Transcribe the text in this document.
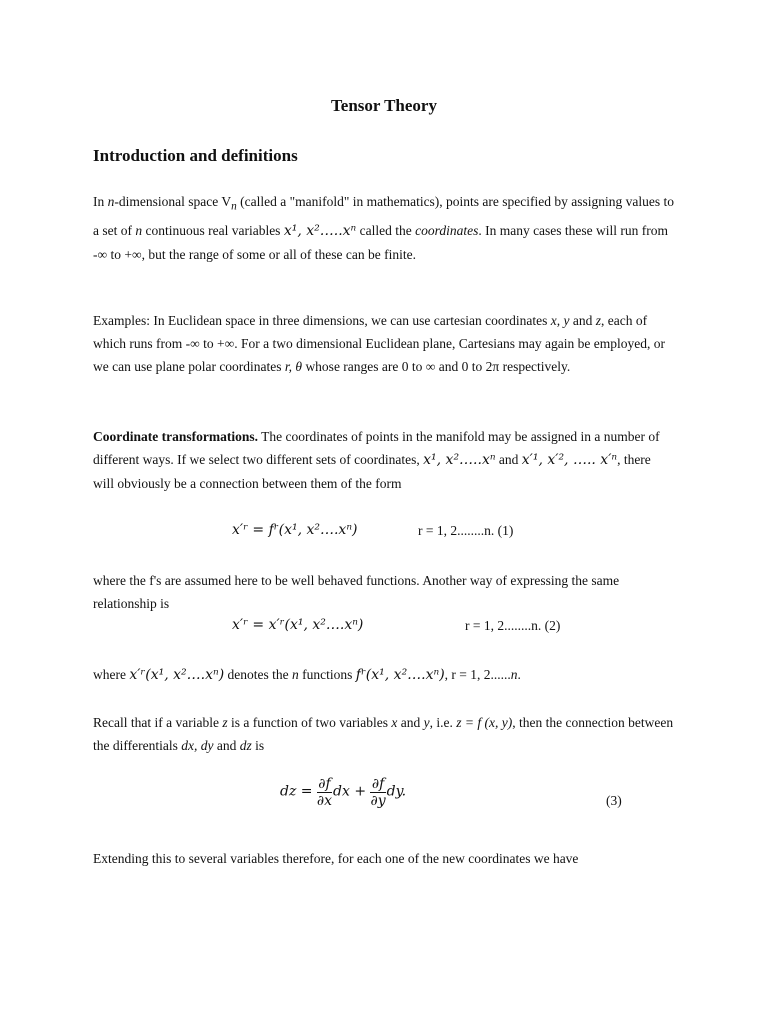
Tensor Theory
Introduction and definitions
In n-dimensional space $V_n$ (called a "manifold" in mathematics), points are specified by assigning values to a set of n continuous real variables x¹, x²…..xⁿ called the coordinates. In many cases these will run from -∞ to +∞, but the range of some or all of these can be finite.
Examples: In Euclidean space in three dimensions, we can use cartesian coordinates x, y and z, each of which runs from -∞ to +∞. For a two dimensional Euclidean plane, Cartesians may again be employed, or we can use plane polar coordinates r, θ whose ranges are 0 to ∞ and 0 to 2π respectively.
Coordinate transformations. The coordinates of points in the manifold may be assigned in a number of different ways. If we select two different sets of coordinates, x¹, x²…..xⁿ and x′¹, x′², ….. x′ⁿ, there will obviously be a connection between them of the form
x′ʳ = fʳ(x¹, x²….xⁿ)	r = 1, 2........n. (1)
where the f's are assumed here to be well behaved functions. Another way of expressing the same relationship is
x′ʳ = x′ʳ(x¹, x²….xⁿ)	r = 1, 2........n. (2)
where x′ʳ(x¹, x²….xⁿ) denotes the n functions fʳ(x¹, x²….xⁿ), r = 1, 2......n.
Recall that if a variable z is a function of two variables x and y, i.e. z = f (x, y), then the connection between the differentials dx, dy and dz is
dz = $\frac{\partial f}{\partial x}$ dx + $\frac{\partial f}{\partial y}$ dy.
(3)
Extending this to several variables therefore, for each one of the new coordinates we have
